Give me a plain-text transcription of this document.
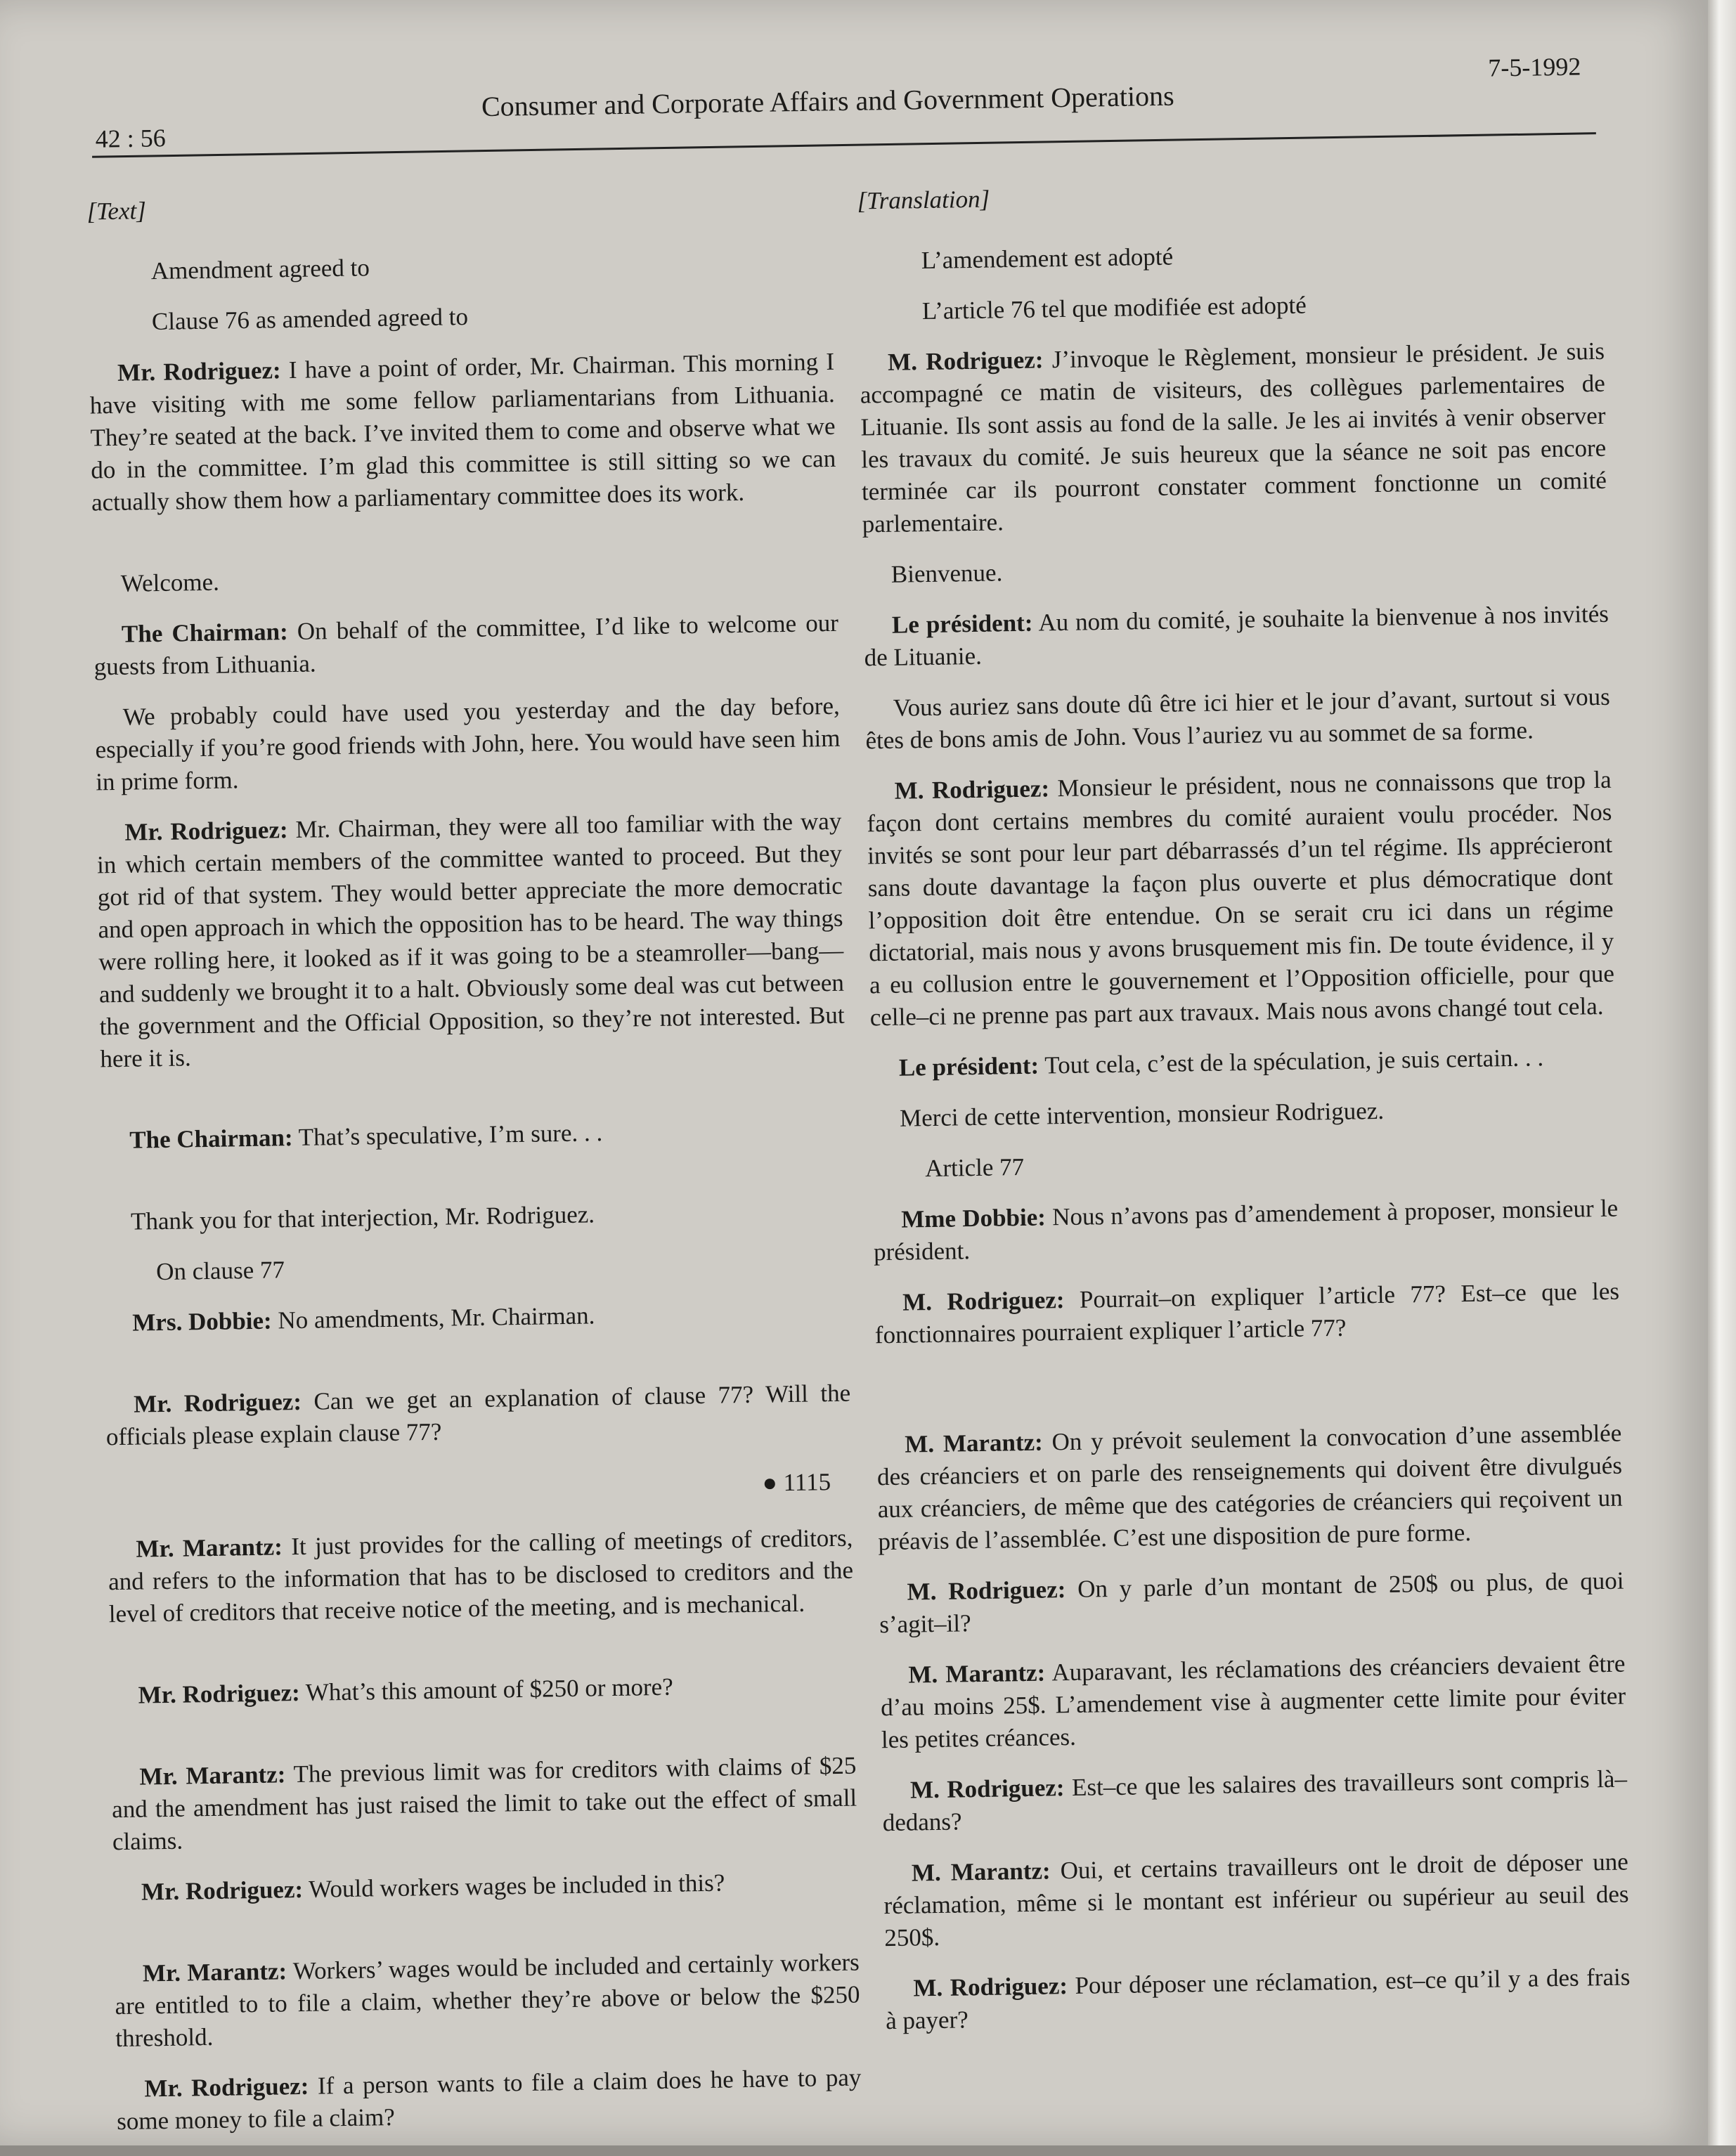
42 : 56
Consumer and Corporate Affairs and Government Operations
7-5-1992

[Text]

Amendment agreed to

Clause 76 as amended agreed to

Mr. Rodriguez: I have a point of order, Mr. Chairman. This morning I have visiting with me some fellow parliamentarians from Lithuania. They’re seated at the back. I’ve invited them to come and observe what we do in the committee. I’m glad this committee is still sitting so we can actually show them how a parliamentary committee does its work.

Welcome.

The Chairman: On behalf of the committee, I’d like to welcome our guests from Lithuania.

We probably could have used you yesterday and the day before, especially if you’re good friends with John, here. You would have seen him in prime form.

Mr. Rodriguez: Mr. Chairman, they were all too familiar with the way in which certain members of the committee wanted to proceed. But they got rid of that system. They would better appreciate the more democratic and open approach in which the opposition has to be heard. The way things were rolling here, it looked as if it was going to be a steamroller—bang—and suddenly we brought it to a halt. Obviously some deal was cut between the government and the Official Opposition, so they’re not interested. But here it is.

The Chairman: That’s speculative, I’m sure. . .

Thank you for that interjection, Mr. Rodriguez.

On clause 77

Mrs. Dobbie: No amendments, Mr. Chairman.

Mr. Rodriguez: Can we get an explanation of clause 77? Will the officials please explain clause 77?

● 1115

Mr. Marantz: It just provides for the calling of meetings of creditors, and refers to the information that has to be disclosed to creditors and the level of creditors that receive notice of the meeting, and is mechanical.

Mr. Rodriguez: What’s this amount of $250 or more?

Mr. Marantz: The previous limit was for creditors with claims of $25 and the amendment has just raised the limit to take out the effect of small claims.

Mr. Rodriguez: Would workers wages be included in this?

Mr. Marantz: Workers’ wages would be included and certainly workers are entitled to to file a claim, whether they’re above or below the $250 threshold.

Mr. Rodriguez: If a person wants to file a claim does he have to pay some money to file a claim?

[Translation]

L’amendement est adopté

L’article 76 tel que modifiée est adopté

M. Rodriguez: J’invoque le Règlement, monsieur le président. Je suis accompagné ce matin de visiteurs, des collègues parlementaires de Lituanie. Ils sont assis au fond de la salle. Je les ai invités à venir observer les travaux du comité. Je suis heureux que la séance ne soit pas encore terminée car ils pourront constater comment fonctionne un comité parlementaire.

Bienvenue.

Le président: Au nom du comité, je souhaite la bienvenue à nos invités de Lituanie.

Vous auriez sans doute dû être ici hier et le jour d’avant, surtout si vous êtes de bons amis de John. Vous l’auriez vu au sommet de sa forme.

M. Rodriguez: Monsieur le président, nous ne connaissons que trop la façon dont certains membres du comité auraient voulu procéder. Nos invités se sont pour leur part débarrassés d’un tel régime. Ils apprécieront sans doute davantage la façon plus ouverte et plus démocratique dont l’opposition doit être entendue. On se serait cru ici dans un régime dictatorial, mais nous y avons brusquement mis fin. De toute évidence, il y a eu collusion entre le gouvernement et l’Opposition officielle, pour que celle–ci ne prenne pas part aux travaux. Mais nous avons changé tout cela.

Le président: Tout cela, c’est de la spéculation, je suis certain. . .

Merci de cette intervention, monsieur Rodriguez.

Article 77

Mme Dobbie: Nous n’avons pas d’amendement à proposer, monsieur le président.

M. Rodriguez: Pourrait–on expliquer l’article 77? Est–ce que les fonctionnaires pourraient expliquer l’article 77?

M. Marantz: On y prévoit seulement la convocation d’une assemblée des créanciers et on parle des renseignements qui doivent être divulgués aux créanciers, de même que des catégories de créanciers qui reçoivent un préavis de l’assemblée. C’est une disposition de pure forme.

M. Rodriguez: On y parle d’un montant de 250$ ou plus, de quoi s’agit–il?

M. Marantz: Auparavant, les réclamations des créanciers devaient être d’au moins 25$. L’amendement vise à augmenter cette limite pour éviter les petites créances.

M. Rodriguez: Est–ce que les salaires des travailleurs sont compris là–dedans?

M. Marantz: Oui, et certains travailleurs ont le droit de déposer une réclamation, même si le montant est inférieur ou supérieur au seuil des 250$.

M. Rodriguez: Pour déposer une réclamation, est–ce qu’il y a des frais à payer?
